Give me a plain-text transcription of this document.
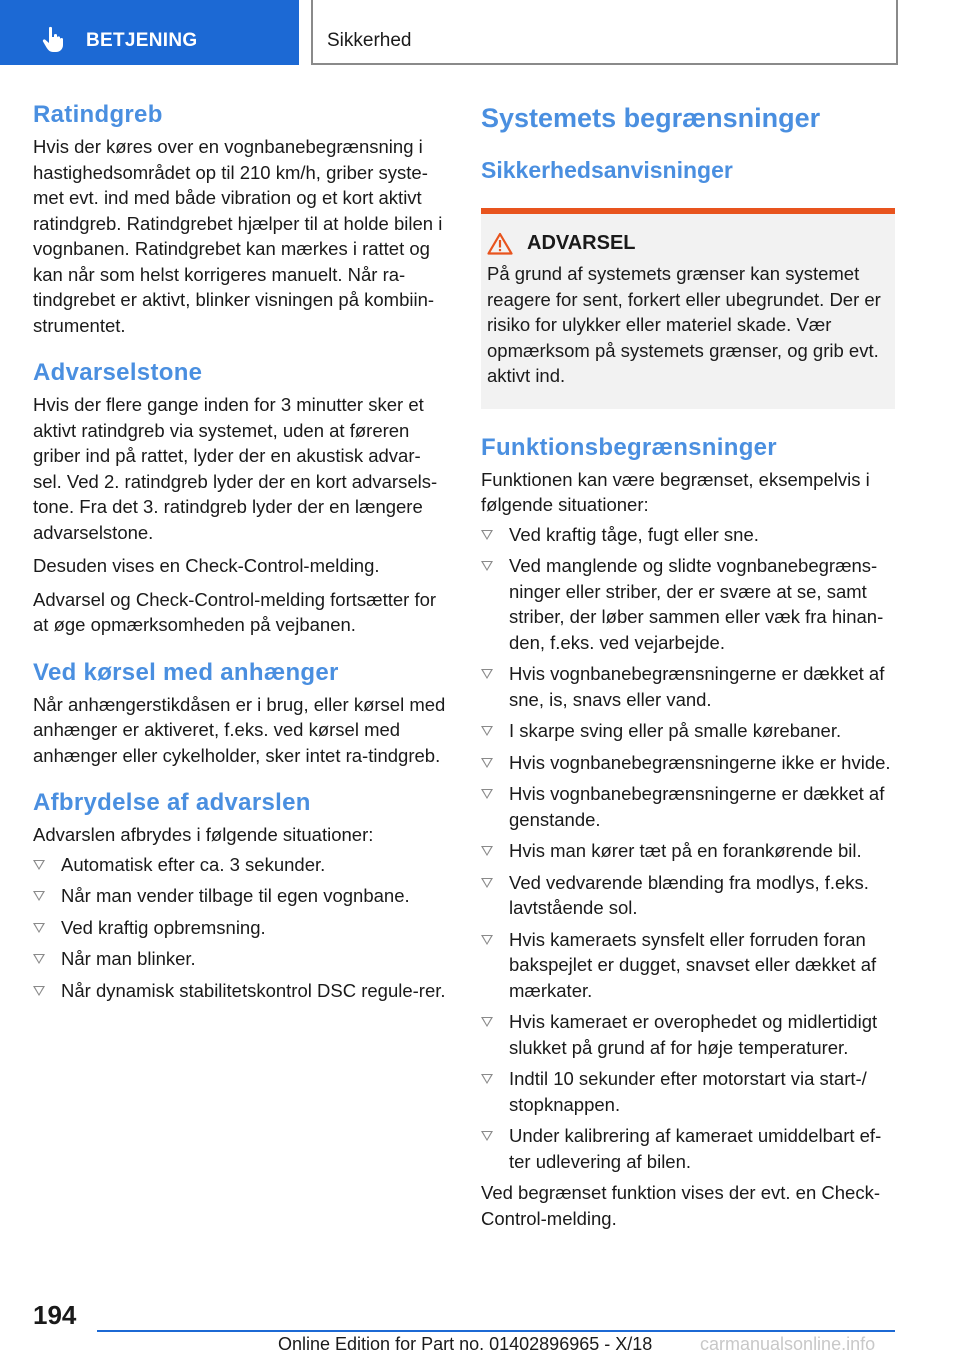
BETJENING	Sikkerhed
Ratindgreb

Hvis der køres over en vognbanebegrænsning i hastighedsområdet op til 210 km/h, griber syste-met evt. ind med både vibration og et kort aktivt ratindgreb. Ratindgrebet hjælper til at holde bilen i vognbanen. Ratindgrebet kan mærkes i rattet og kan når som helst korrigeres manuelt. Når ra-tindgrebet er aktivt, blinker visningen på kombiin-strumentet.

Advarselstone

Hvis der flere gange inden for 3 minutter sker et aktivt ratindgreb via systemet, uden at føreren griber ind på rattet, lyder der en akustisk advar-sel. Ved 2. ratindgreb lyder der en kort advarsels-tone. Fra det 3. ratindgreb lyder der en længere advarselstone.

Desuden vises en Check-Control-melding.

Advarsel og Check-Control-melding fortsætter for at øge opmærksomheden på vejbanen.

Ved kørsel med anhænger

Når anhængerstikdåsen er i brug, eller kørsel med anhænger er aktiveret, f.eks. ved kørsel med anhænger eller cykelholder, sker intet ra-tindgreb.

Afbrydelse af advarslen

Advarslen afbrydes i følgende situationer:

Automatisk efter ca. 3 sekunder.
Når man vender tilbage til egen vognbane.
Ved kraftig opbremsning.
Når man blinker.
Når dynamisk stabilitetskontrol DSC regule-rer.
Systemets begrænsninger
Sikkerhedsanvisninger
ADVARSEL

På grund af systemets grænser kan systemet reagere for sent, forkert eller ubegrundet. Der er risiko for ulykker eller materiel skade. Vær opmærksom på systemets grænser, og grib evt. aktivt ind.

Funktionsbegrænsninger

Funktionen kan være begrænset, eksempelvis i følgende situationer:

Ved kraftig tåge, fugt eller sne.
Ved manglende og slidte vognbanebegræns-ninger eller striber, der er svære at se, samt striber, der løber sammen eller væk fra hinan-den, f.eks. ved vejarbejde.
Hvis vognbanebegrænsningerne er dækket af sne, is, snavs eller vand.
I skarpe sving eller på smalle kørebaner.
Hvis vognbanebegrænsningerne ikke er hvide.
Hvis vognbanebegrænsningerne er dækket af genstande.
Hvis man kører tæt på en forankørende bil.
Ved vedvarende blænding fra modlys, f.eks. lavtstående sol.
Hvis kameraets synsfelt eller forruden foran bakspejlet er dugget, snavset eller dækket af mærkater.
Hvis kameraet er overophedet og midlertidigt slukket på grund af for høje temperaturer.
Indtil 10 sekunder efter motorstart via start-/ stopknappen.
Under kalibrering af kameraet umiddelbart ef-ter udlevering af bilen.

Ved begrænset funktion vises der evt. en Check-Control-melding.

194
Online Edition for Part no. 01402896965 - X/18	carmanualsonline.info
